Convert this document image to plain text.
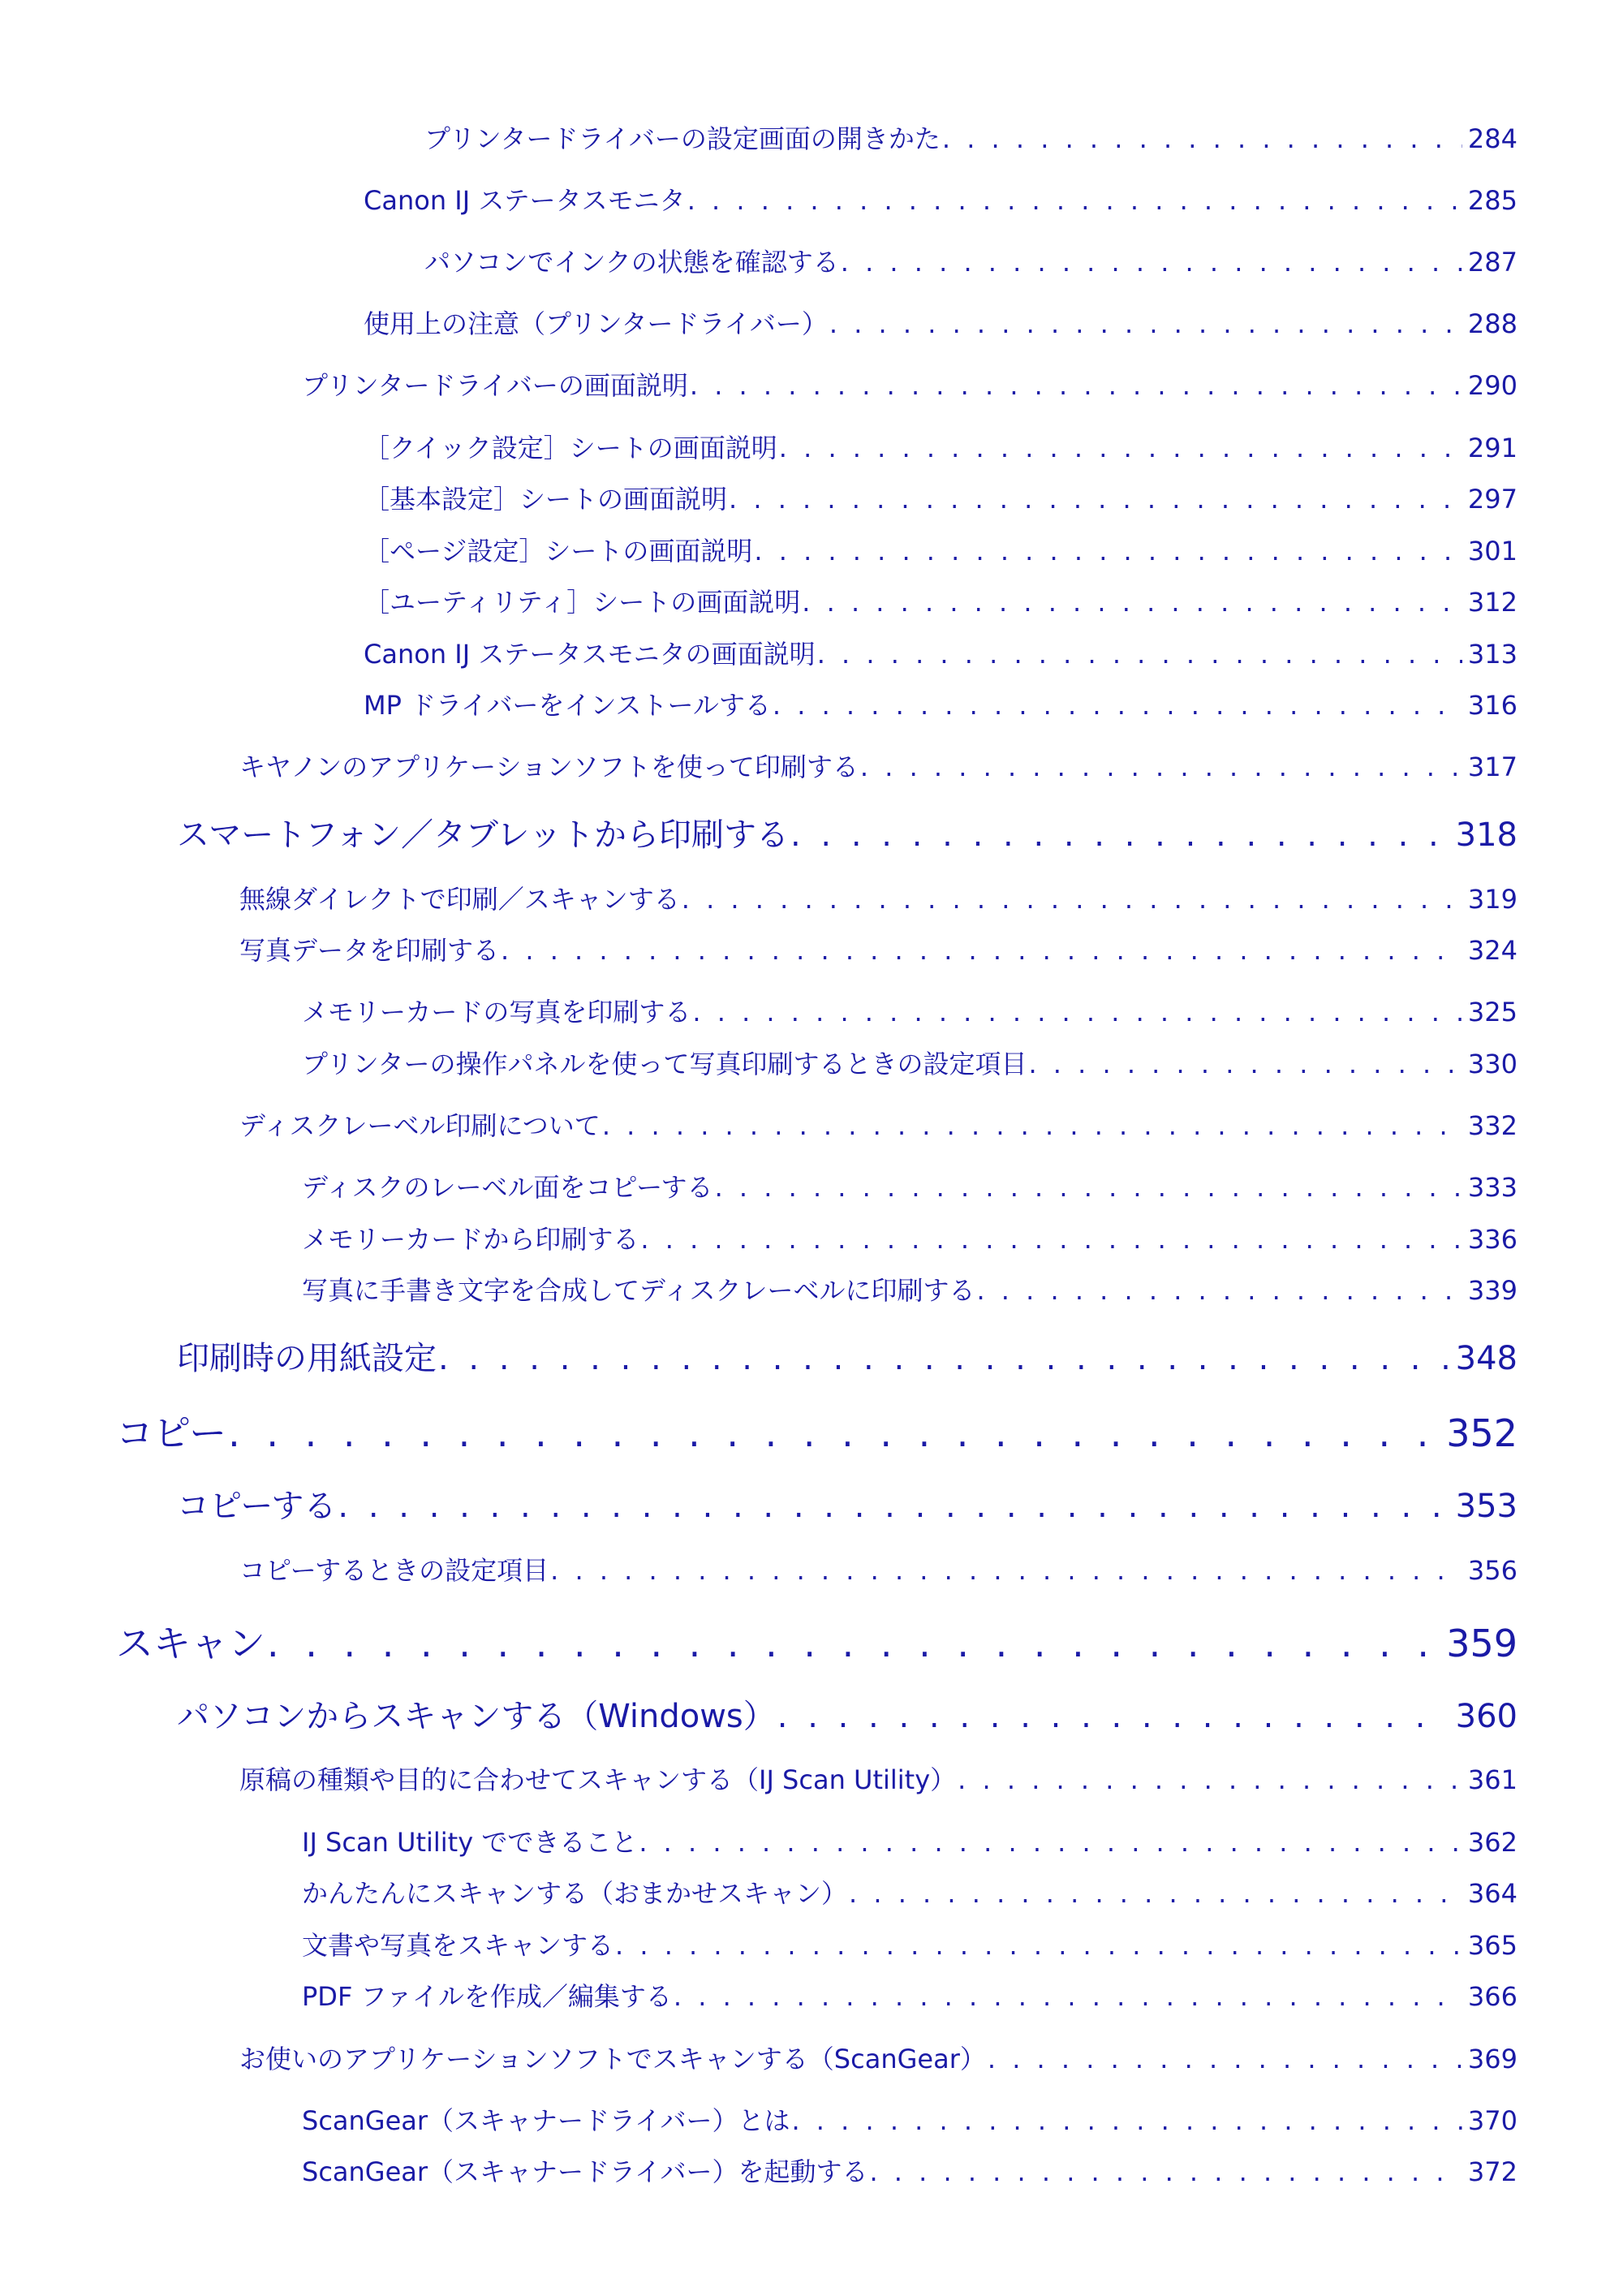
プリンタードライバーの設定画面の開きかた . . .	284
Canon IJ ステータスモニタ . . .	285
パソコンでインクの状態を確認する . . .	287
使用上の注意（プリンタードライバー） . . .	288
プリンタードライバーの画面説明 . . .	290
［クイック設定］シートの画面説明 . . .	291
［基本設定］シートの画面説明 . . .	297
［ページ設定］シートの画面説明 . . .	301
［ユーティリティ］シートの画面説明 . . .	312
Canon IJ ステータスモニタの画面説明 . . .	313
MP ドライバーをインストールする . . .	316
キヤノンのアプリケーションソフトを使って印刷する . . .	317
スマートフォン／タブレットから印刷する . . .	318
無線ダイレクトで印刷／スキャンする . . .	319
写真データを印刷する . . .	324
メモリーカードの写真を印刷する . . .	325
プリンターの操作パネルを使って写真印刷するときの設定項目 . . .	330
ディスクレーベル印刷について . . .	332
ディスクのレーベル面をコピーする . . .	333
メモリーカードから印刷する . . .	336
写真に手書き文字を合成してディスクレーベルに印刷する . . .	339
印刷時の用紙設定 . . .	348
コピー . . .	352
コピーする . . .	353
コピーするときの設定項目 . . .	356
スキャン . . .	359
パソコンからスキャンする（Windows） . . .	360
原稿の種類や目的に合わせてスキャンする（IJ Scan Utility） . . .	361
IJ Scan Utility でできること . . .	362
かんたんにスキャンする（おまかせスキャン） . . .	364
文書や写真をスキャンする . . .	365
PDF ファイルを作成／編集する . . .	366
お使いのアプリケーションソフトでスキャンする（ScanGear） . . .	369
ScanGear（スキャナードライバー）とは . . .	370
ScanGear（スキャナードライバー）を起動する . . .	372
